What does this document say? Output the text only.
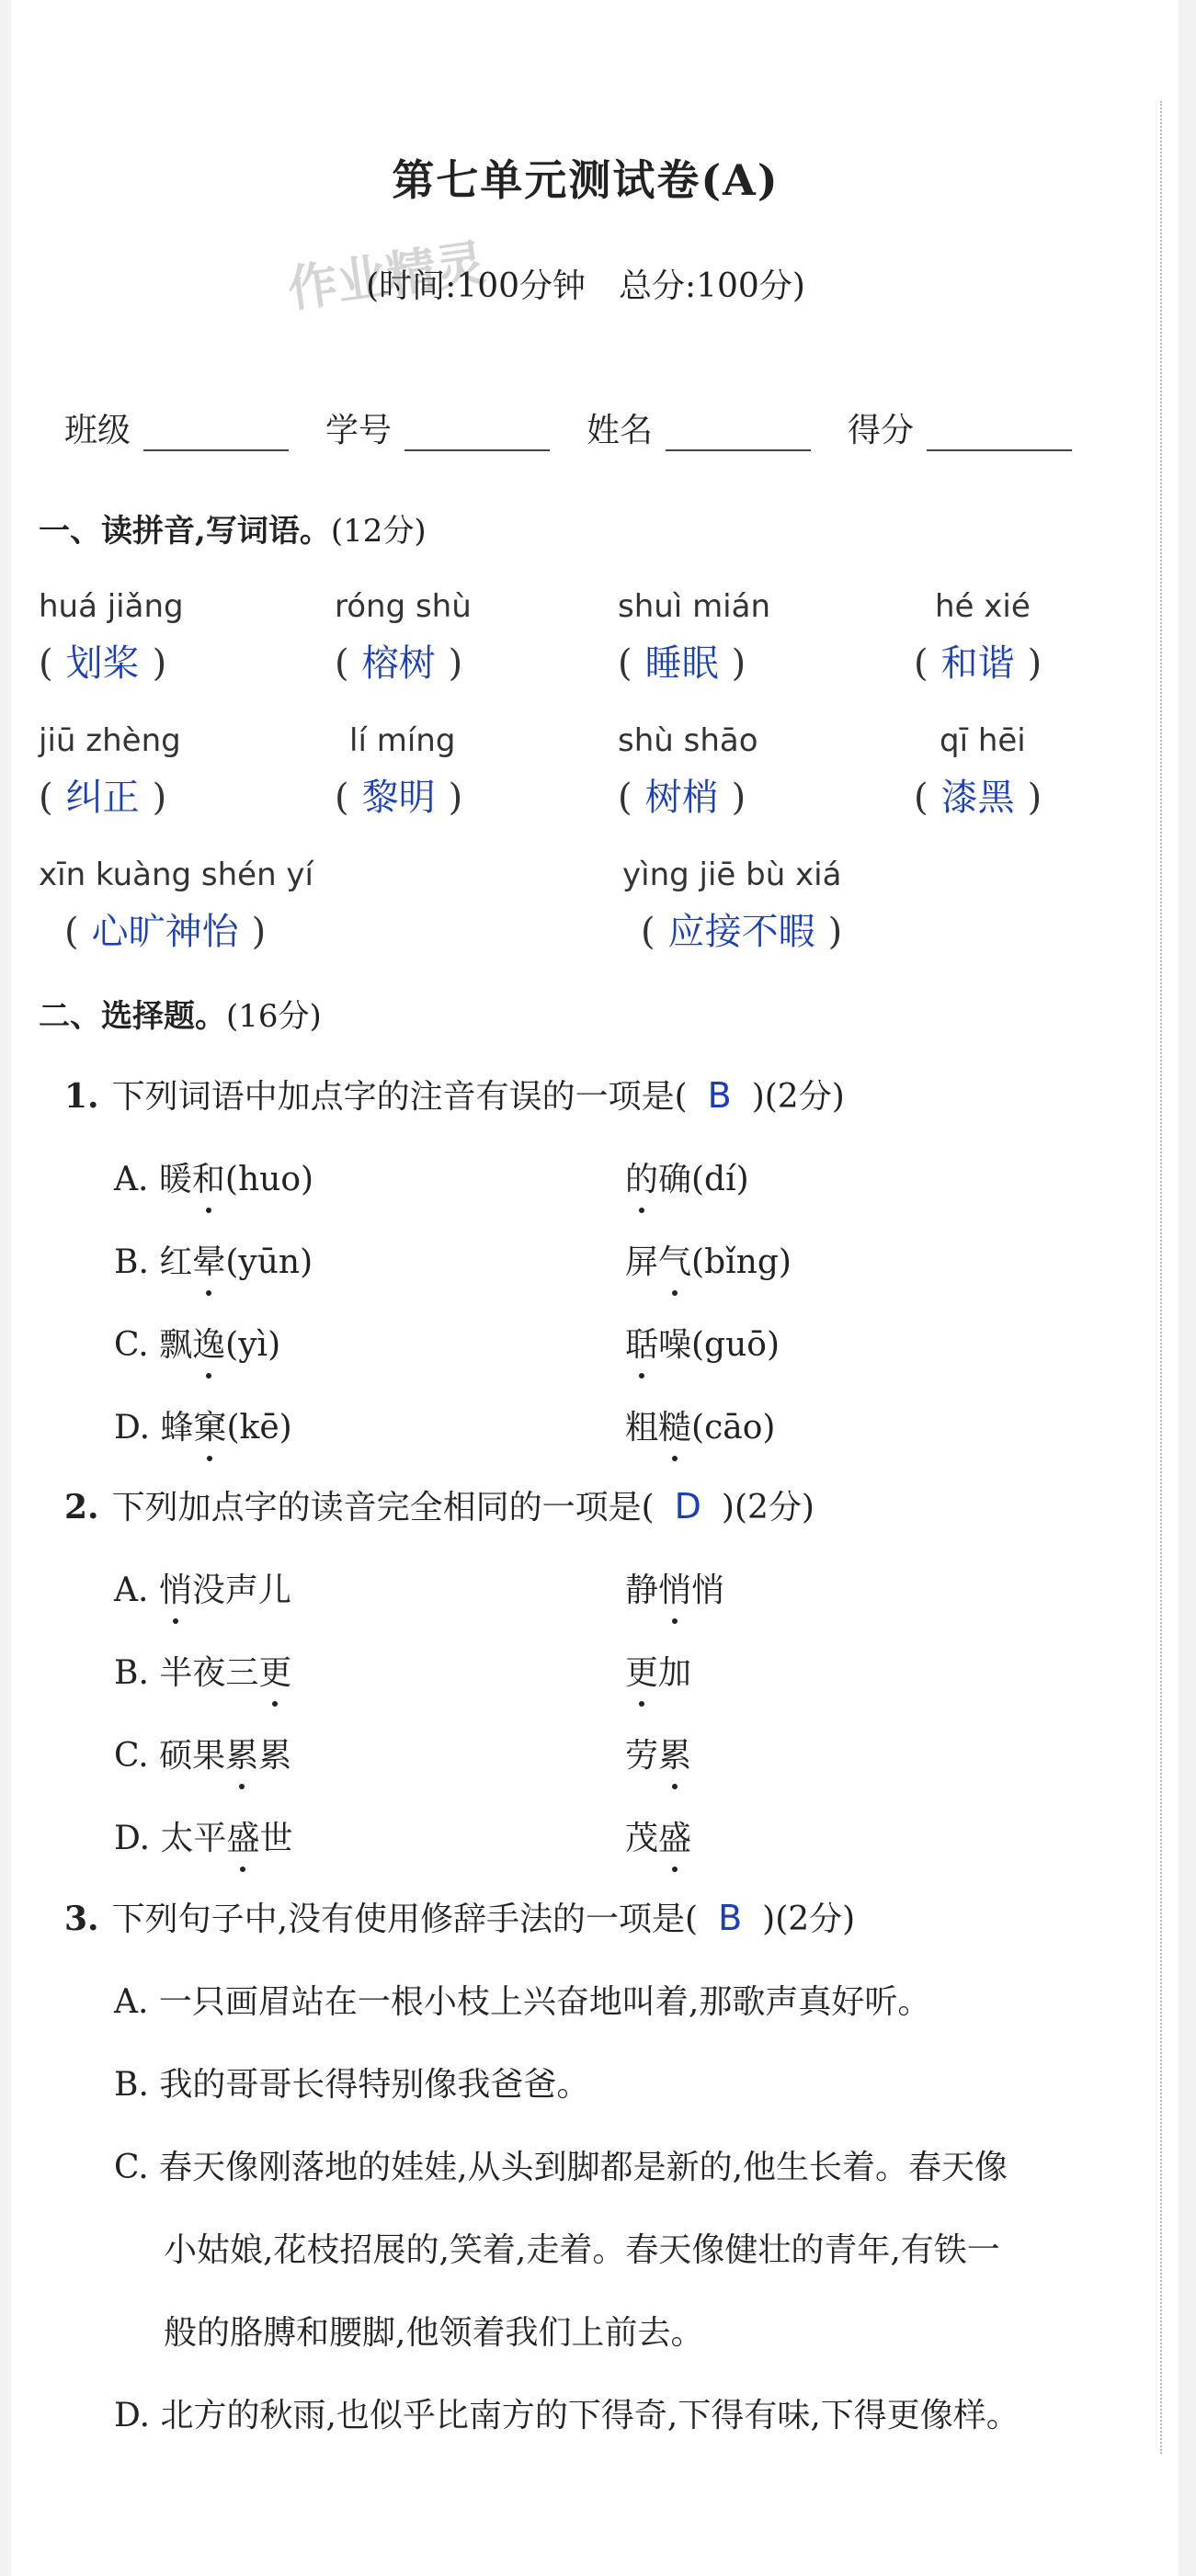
第七单元测试卷(A)
作业精灵
(时间:100分钟　总分:100分)
班级	学号	姓名	得分
一、读拼音,写词语。(12分)
huá jiǎng
( 划桨 )
róng shù
( 榕树 )
shuì mián
( 睡眠 )
hé xié
( 和谐 )
jiū zhèng
( 纠正 )
lí míng
( 黎明 )
shù shāo
( 树梢 )
qī hēi
( 漆黑 )
xīn kuàng shén yí
( 心旷神怡 )
yìng jiē bù xiá
( 应接不暇 )
二、选择题。(16分)
1. 下列词语中加点字的注音有误的一项是( B )(2分)
A. 暖和(huo)	的确(dí)
B. 红晕(yūn)	屏气(bǐng)
C. 飘逸(yì)	聒噪(guō)
D. 蜂窠(kē)	粗糙(cāo)
2. 下列加点字的读音完全相同的一项是( D )(2分)
A. 悄没声儿	静悄悄
B. 半夜三更	更加
C. 硕果累累	劳累
D. 太平盛世	茂盛
3. 下列句子中,没有使用修辞手法的一项是( B )(2分)
A. 一只画眉站在一根小枝上兴奋地叫着,那歌声真好听。
B. 我的哥哥长得特别像我爸爸。
C. 春天像刚落地的娃娃,从头到脚都是新的,他生长着。春天像
小姑娘,花枝招展的,笑着,走着。春天像健壮的青年,有铁一
般的胳膊和腰脚,他领着我们上前去。
D. 北方的秋雨,也似乎比南方的下得奇,下得有味,下得更像样。
